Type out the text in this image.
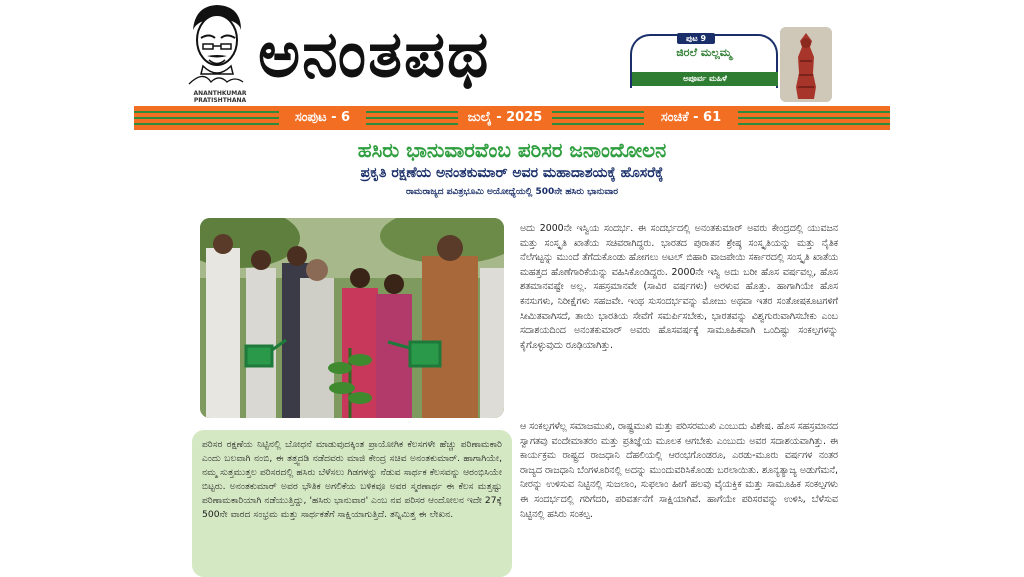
ANANTHKUMAR
PRATISHTHANA
ಅನಂತಪಥ	ಪುಟ 9
ಜಿರಲೆ ಮಲ್ಲಮ್ಮ
ಅಪೂರ್ವ ಮಹಿಳೆ
ಸಂಪುಟ - 6	ಜುಲೈ - 2025	ಸಂಚಿಕೆ - 61
ಹಸಿರು ಭಾನುವಾರವೆಂಬ ಪರಿಸರ ಜನಾಂದೋಲನ
ಪ್ರಕೃತಿ ರಕ್ಷಣೆಯ ಅನಂತಕುಮಾರ್ ಅವರ ಮಹಾದಾಶಯಕ್ಕೆ ಹೊಸರೆಕ್ಕೆ
ರಾಮರಾಜ್ಯದ ಪವಿತ್ರಭೂಮಿ ಅಯೋಧ್ಯೆಯಲ್ಲಿ 500ನೇ ಹಸಿರು ಭಾನುವಾರ
ಪರಿಸರ ರಕ್ಷಣೆಯ ನಿಟ್ಟಿನಲ್ಲಿ ಬೋಧನೆ ಮಾಡುವುದಕ್ಕಿಂತ ಪ್ರಾಯೋಗಿಕ ಕೆಲಸಗಳೇ ಹೆಚ್ಚು ಪರಿಣಾಮಕಾರಿ ಎಂದು ಬಲವಾಗಿ ನಂಬಿ, ಈ ತತ್ತ್ವದಡಿ ನಡೆದವರು ಮಾಜಿ ಕೇಂದ್ರ ಸಚಿವ ಅನಂತಕುಮಾರ್. ಹಾಗಾಗಿಯೇ, ನಮ್ಮ ಸುತ್ತಮುತ್ತಲ ಪರಿಸರದಲ್ಲಿ ಹಸಿರು ಬೆಳೆಸಲು ಗಿಡಗಳನ್ನು ನೆಡುವ ಸಾರ್ಥಕ ಕೆಲಸವನ್ನು ಆರಂಭಿಸಿಯೇ ಬಿಟ್ಟರು. ಅನಂತಕುಮಾರ್ ಅವರ ಭೌತಿಕ ಅಗಲಿಕೆಯ ಬಳಿಕವೂ ಅವರ ಸ್ಮರಣಾರ್ಥ ಈ ಕೆಲಸ ಮತ್ತಷ್ಟು ಪರಿಣಾಮಕಾರಿಯಾಗಿ ನಡೆಯುತ್ತಿದ್ದು, 'ಹಸಿರು ಭಾನುವಾರ' ಎಂಬ ನವ ಪರಿಸರ ಆಂದೋಲನ ಇದೇ 27ಕ್ಕೆ 500ನೇ ವಾರದ ಸಂಭ್ರಮ ಮತ್ತು ಸಾರ್ಥಕತೆಗೆ ಸಾಕ್ಷಿಯಾಗುತ್ತಿದೆ. ತನ್ನಿಮಿತ್ತ ಈ ಲೇಖನ.
ಅದು 2000ನೇ ಇಸ್ವಿಯ ಸಂದರ್ಭ. ಈ ಸಂದರ್ಭದಲ್ಲಿ ಅನಂತಕುಮಾರ್ ಅವರು ಕೇಂದ್ರದಲ್ಲಿ ಯುವಜನ ಮತ್ತು ಸಂಸ್ಕೃತಿ ಖಾತೆಯ ಸಚಿವರಾಗಿದ್ದರು. ಭಾರತದ ಪುರಾತನ ಶ್ರೇಷ್ಠ ಸಂಸ್ಕೃತಿಯನ್ನು ಮತ್ತು ನೈತಿಕ ನೆಲೆಗಟ್ಟನ್ನು ಮುಂದೆ ತೆಗೆದುಕೊಂಡು ಹೋಗಲು ಅಟಲ್ ಬಿಹಾರಿ ವಾಜಪೇಯಿ ಸರ್ಕಾರದಲ್ಲಿ ಸಂಸ್ಕೃತಿ ಖಾತೆಯ ಮಹತ್ತದ ಹೊಣೆಗಾರಿಕೆಯನ್ನು ವಹಿಸಿಕೊಂಡಿದ್ದರು. 2000ನೇ ಇಸ್ವಿ ಅದು ಬರೀ ಹೊಸ ವರ್ಷವಲ್ಲ, ಹೊಸ ಶತಮಾನವಷ್ಟೇ ಅಲ್ಲ. ಸಹಸ್ರಮಾನವೇ (ಸಾವಿರ ವರ್ಷಗಳು) ಅರಳುವ ಹೊತ್ತು. ಹಾಗಾಗಿಯೇ ಹೊಸ ಕನಸುಗಳು, ನಿರೀಕ್ಷೆಗಳು ಸಹಜವೇ. ಇಂಥ ಸುಸಂದರ್ಭವನ್ನು ಮೋಜು ಅಥವಾ ಇತರ ಸಂತೋಷಕೂಟಗಳಿಗೆ ಸೀಮಿತವಾಗಿಸದೆ, ತಾಯಿ ಭಾರತಿಯ ಸೇವೆಗೆ ಸಮರ್ಪಿಸಬೇಕು, ಭಾರತವನ್ನು ವಿಶ್ವಗುರುವಾಗಿಸಬೇಕು ಎಂಬ ಸದಾಶಯದಿಂದ ಅನಂತಕುಮಾರ್ ಅವರು ಹೊಸವರ್ಷಕ್ಕೆ ಸಾಮೂಹಿಕವಾಗಿ ಒಂದಿಷ್ಟು ಸಂಕಲ್ಪಗಳನ್ನು ಕೈಗೊಳ್ಳುವುದು ರೂಢಿಯಾಗಿತ್ತು.
ಆ ಸಂಕಲ್ಪಗಳೆಲ್ಲ ಸಮಾಜಮುಖಿ, ರಾಷ್ಟ್ರಮುಖಿ ಮತ್ತು ಪರಿಸರಮುಖಿ ಎಂಬುದು ವಿಶೇಷ. ಹೊಸ ಸಹಸ್ರಮಾನದ ಸ್ವಾಗತವು ವಂದೇಮಾತರಂ ಮತ್ತು ಪ್ರತಿಜ್ಞೆಯ ಮೂಲಕ ಆಗಬೇಕು ಎಂಬುದು ಅವರ ಸದಾಶಯವಾಗಿತ್ತು. ಈ ಕಾರ್ಯಕ್ರಮ ರಾಷ್ಟ್ರದ ರಾಜಧಾನಿ ದೆಹಲಿಯಲ್ಲಿ ಆರಂಭಗೊಂಡರೂ, ಎರಡು-ಮೂರು ವರ್ಷಗಳ ನಂತರ ರಾಜ್ಯದ ರಾಜಧಾನಿ ಬೆಂಗಳೂರಿನಲ್ಲಿ ಅದನ್ನು ಮುಂದುವರಿಸಿಕೊಂಡು ಬರಲಾಯಿತು. ಶೂನ್ಯತ್ಯಾಜ್ಯ ಅಡುಗೆಮನೆ, ನೀರನ್ನು ಉಳಿಸುವ ನಿಟ್ಟಿನಲ್ಲಿ ಸುಜಲಾಂ, ಸುಫಲಾಂ ಹೀಗೆ ಹಲವು ವೈಯಕ್ತಿಕ ಮತ್ತು ಸಾಮೂಹಿಕ ಸಂಕಲ್ಪಗಳು ಈ ಸಂದರ್ಭದಲ್ಲಿ ಗರಿಗೆದರಿ, ಪರಿವರ್ತನೆಗೆ ಸಾಕ್ಷಿಯಾಗಿವೆ. ಹಾಗೆಯೇ ಪರಿಸರವನ್ನು ಉಳಿಸಿ, ಬೆಳೆಸುವ ನಿಟ್ಟಿನಲ್ಲಿ ಹಸಿರು ಸಂಕಲ್ಪ.
